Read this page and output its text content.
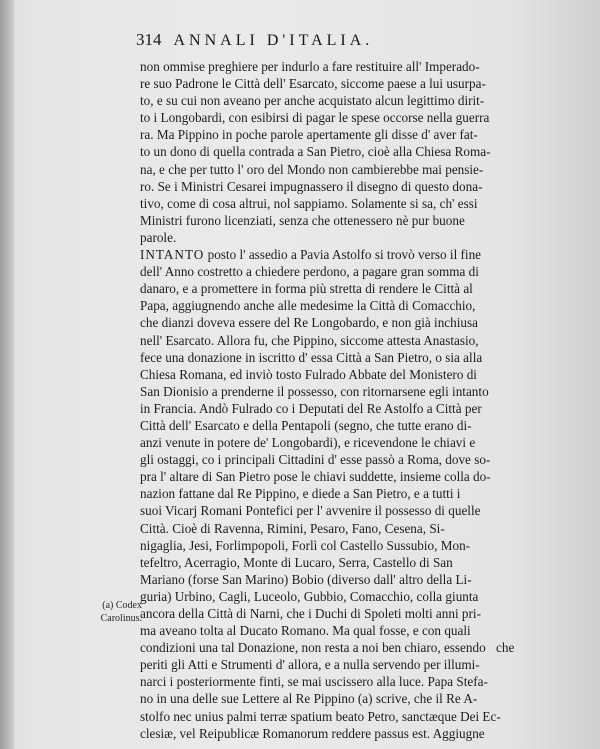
314 ANNALI D'ITALIA.

non ommise preghiere per indurlo a fare restituire all' Imperado-
re suo Padrone le Città dell' Esarcato, siccome paese a lui usurpa-
to, e su cui non aveano per anche acquistato alcun legittimo dirit-
to i Longobardi, con esibirsi di pagar le spese occorse nella guerra
ra. Ma Pippino in poche parole apertamente gli disse d' aver fat-
to un dono di quella contrada a San Pietro, cioè alla Chiesa Roma-
na, e che per tutto l' oro del Mondo non cambierebbe mai pensie-
ro. Se i Ministri Cesarei impugnassero il disegno di questo dona-
tivo, come di cosa altrui, nol sappiamo. Solamente si sa, ch' essi
Ministri furono licenziati, senza che ottenessero nè pur buone
parole.

INTANTO posto l' assedio a Pavia Astolfo si trovò verso il fine
dell' Anno costretto a chiedere perdono, a pagare gran somma di
danaro, e a promettere in forma più stretta di rendere le Città al
Papa, aggiugnendo anche alle medesime la Città di Comacchio,
che dianzi doveva essere del Re Longobardo, e non già inchiusa
nell' Esarcato. Allora fu, che Pippino, siccome attesta Anastasio,
fece una donazione in iscritto d' essa Città a San Pietro, o sia alla
Chiesa Romana, ed inviò tosto Fulrado Abbate del Monistero di
San Dionisio a prenderne il possesso, con ritornarsene egli intanto
in Francia. Andò Fulrado co i Deputati del Re Astolfo a Città per
Città dell' Esarcato e della Pentapoli (segno, che tutte erano di-
anzi venute in potere de' Longobardi), e ricevendone le chiavi e
gli ostaggi, co i principali Cittadini d' esse passò a Roma, dove so-
pra l' altare di San Pietro pose le chiavi suddette, insieme colla do-
nazion fattane dal Re Pippino, e diede a San Pietro, e a tutti i
suoi Vicarj Romani Pontefici per l' avvenire il possesso di quelle
Città. Cioè di Ravenna, Rimini, Pesaro, Fano, Cesena, Si-
nigaglia, Jesi, Forlimpopoli, Forlì col Castello Sussubio, Mon-
tefeltro, Acerragio, Monte di Lucaro, Serra, Castello di San
Mariano (forse San Marino) Bobio (diverso dall' altro della Li-
guria) Urbino, Cagli, Luceolo, Gubbio, Comacchio, colla giunta
ancora della Città di Narni, che i Duchi di Spoleti molti anni pri-
ma aveano tolta al Ducato Romano. Ma qual fosse, e con quali
condizioni una tal Donazione, non resta a noi ben chiaro, essendo
periti gli Atti e Strumenti d' allora, e a nulla servendo per illumi-
narci i posteriormente finti, se mai uscissero alla luce. Papa Stefa-
no in una delle sue Lettere al Re Pippino (a) scrive, che il Re A-
stolfo nec unius palmi terræ spatium beato Petro, sanctæque Dei Ec-
clesiæ, vel Reipublicæ Romanorum reddere passus est. Aggiugne

(a) Codex
Carolinus.
che
